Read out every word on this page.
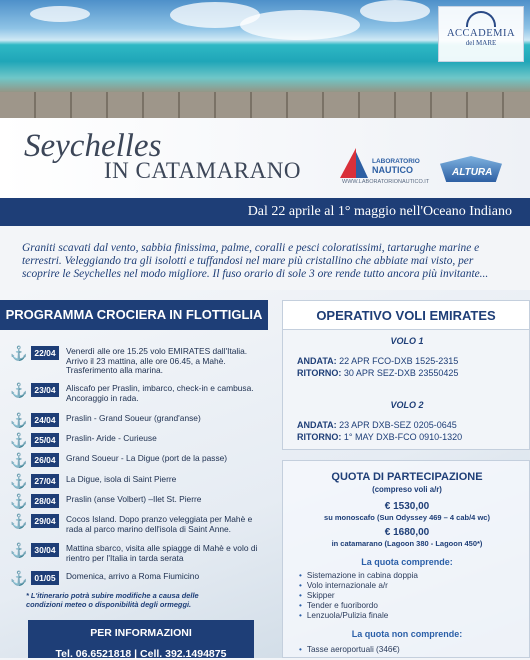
ACCADEMIA
del MARE
Seychelles
IN CATAMARANO	LABORATORIO
NAUTICO
WWW.LABORATORIONAUTICO.IT
ALTURA
Dal 22 aprile al 1° maggio nell'Oceano Indiano
Graniti scavati dal vento, sabbia finissima, palme, coralli e pesci coloratissimi, tartarughe marine e terrestri. Veleggiando tra gli isolotti e tuffandosi nel mare più cristallino che abbiate mai visto, per scoprire le Seychelles nel modo migliore. Il fuso orario di sole 3 ore rende tutto ancora più invitante...
PROGRAMMA CROCIERA IN FLOTTIGLIA
⚓ 22/04	Venerdì alle ore 15.25 volo EMIRATES dall'Italia. Arrivo il 23 mattina, alle ore 06.45, a Mahè. Trasferimento alla marina.
⚓ 23/04	Aliscafo per Praslin, imbarco, check-in e cambusa. Ancoraggio in rada.
⚓ 24/04	Praslin - Grand Soueur (grand'anse)
⚓ 25/04	Praslin- Aride - Curieuse
⚓ 26/04	Grand Soueur - La Digue (port de la passe)
⚓ 27/04	La Digue, isola di Saint Pierre
⚓ 28/04	Praslin (anse Volbert) –Ilet St. Pierre
⚓ 29/04	Cocos Island. Dopo pranzo veleggiata per Mahè e rada al parco marino dell'isola di Saint Anne.
⚓ 30/04	Mattina sbarco, visita alle spiagge di Mahè e volo di rientro per l'Italia in tarda serata
⚓ 01/05	Domenica, arrivo a Roma Fiumicino
* L'itinerario potrà subire modifiche a causa delle condizioni meteo o disponibilità degli ormeggi.
PER INFORMAZIONI
Tel. 06.6521818 | Cell. 392.1494875
OPERATIVO VOLI EMIRATES
VOLO 1
ANDATA: 22 APR FCO-DXB 1525-2315
RITORNO: 30 APR SEZ-DXB 23550425
VOLO 2
ANDATA: 23 APR DXB-SEZ 0205-0645
RITORNO: 1° MAY DXB-FCO 0910-1320
QUOTA DI PARTECIPAZIONE
(compreso voli a/r)
€ 1530,00
su monoscafo (Sun Odyssey 469 – 4 cab/4 wc)
€ 1680,00
in catamarano (Lagoon 380 - Lagoon 450*)
La quota comprende:
• Sistemazione in cabina doppia
• Volo internazionale a/r
• Skipper
• Tender e fuoribordo
• Lenzuola/Pulizia finale
La quota non comprende:
• Tasse aeroportuali (346€)
